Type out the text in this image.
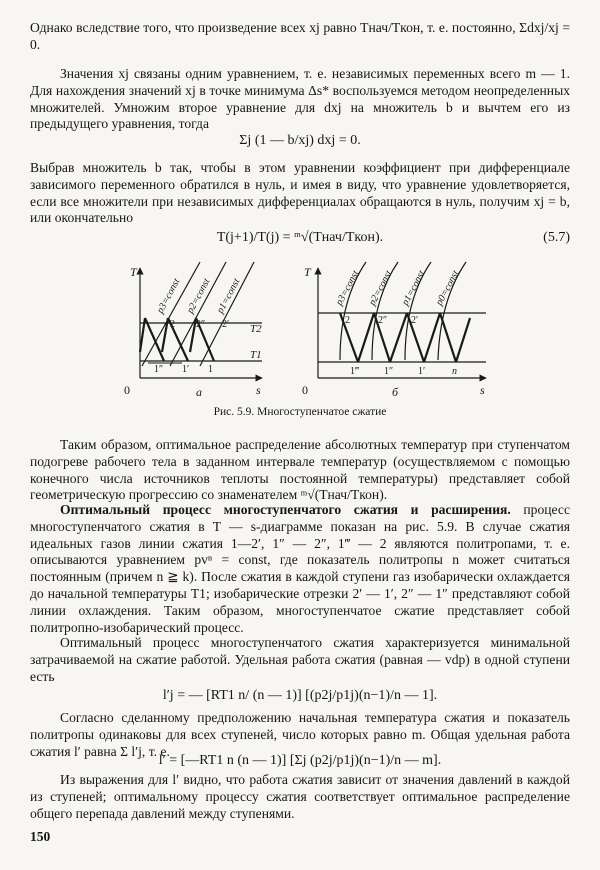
Однако вследствие того, что произведение всех xj равно Tнач/Tкон, т. е. постоянно, Σdxj/xj = 0.

Значения xj связаны одним уравнением, т. е. независимых переменных всего m — 1. Для нахождения значений xj в точке минимума Δs* воспользуемся методом неопределенных множителей. Умножим второе уравнение для dxj на множитель b и вычтем его из предыдущего уравнения, тогда

Σj (1 — b/xj) dxj = 0.

Выбрав множитель b так, чтобы в этом уравнении коэффициент при дифференциале зависимого переменного обратился в нуль, и имея в виду, что уравнение удовлетворяется, если все множители при независимых дифференциалах обращаются в нуль, получим xj = b, или окончательно

T(j+1)/T(j) = ᵐ√(Tнач/Tкон).	(5.7)

T
s
0	а
T2
T1
p3=const p2=const p1=const
2 2″ 2′
1″ 1′ 1
T
s
0	б
p3=const p2=const p1=const p0=const
2	2″ 2′
1‴ 1″ 1′	n

Рис. 5.9. Многоступенчатое сжатие

Таким образом, оптимальное распределение абсолютных температур при ступенчатом подогреве рабочего тела в заданном интервале температур (осуществляемом с помощью конечного числа источников теплоты постоянной температуры) представляет собой геометрическую прогрессию со знаменателем ᵐ√(Tнач/Tкон).

Оптимальный процесс многоступенчатого сжатия и расширения. процесс многоступенчатого сжатия в T — s-диаграмме показан на рис. 5.9. В случае сжатия идеальных газов линии сжатия 1—2′, 1″ — 2″, 1‴ — 2 являются политропами, т. е. описываются уравнением pvⁿ = const, где показатель политропы n может считаться постоянным (причем n ≧ k). После сжатия в каждой ступени газ изобарически охлаждается до начальной температуры T1; изобарические отрезки 2′ — 1′, 2″ — 1″ представляют собой линии охлаждения. Таким образом, многоступенчатое сжатие представляет собой политропно-изобарический процесс.

Оптимальный процесс многоступенчатого сжатия характеризуется минимальной затрачиваемой на сжатие работой. Удельная работа сжатия (равная — vdp) в одной ступени есть

l′j = — [RT1 n/ (n — 1)] [(p2j/p1j)(n−1)/n — 1].

Согласно сделанному предположению начальная температура сжатия и показатель политропы одинаковы для всех ступеней, число которых равно m. Общая удельная работа сжатия l′ равна Σ l′j, т. е.

l′ = [—RT1 n (n — 1)] [Σj (p2j/p1j)(n−1)/n — m].

Из выражения для l′ видно, что работа сжатия зависит от значения давлений в каждой из ступеней; оптимальному процессу сжатия соответствует оптимальное распределение общего перепада давлений между ступенями.

150
